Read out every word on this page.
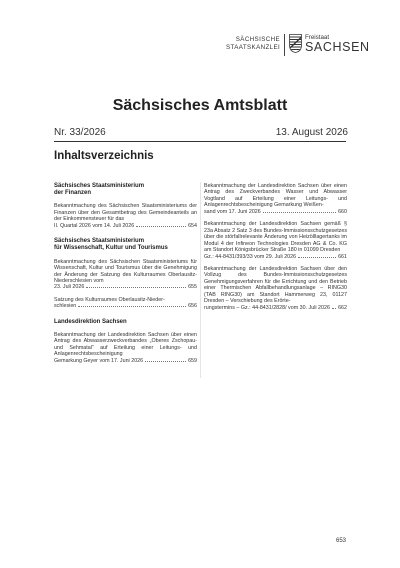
SÄCHSISCHE
STAATSKANZLEI
Freistaat
SACHSEN
Sächsisches Amtsblatt
Nr. 33/2026	13. August 2026
Inhaltsverzeichnis
Sächsisches Staatsministerium
der Finanzen
Bekanntmachung des Sächsischen Staatsministeriums der Finanzen über den Gesamtbetrag des Gemeindeanteils an der Einkommensteuer für das
II. Quartal 2026 vom 14. Juli 2026	654
Sächsisches Staatsministerium
für Wissenschaft, Kultur und Tourismus
Bekanntmachung des Sächsischen Staatsministeriums für Wissenschaft, Kultur und Tourismus über die Genehmigung der Änderung der Satzung des Kulturraumes Oberlausitz-Niederschlesien vom
23. Juli 2026	655
Satzung des Kulturraumes Oberlausitz-Nieder-
schlesien	656
Landesdirektion Sachsen
Bekanntmachung der Landesdirektion Sachsen über einen Antrag des Abwasserzweckverbandes „Oberes Zschopau- und Sehmatal“ auf Erteilung einer Leitungs- und Anlagenrechtsbescheinigung
Gemarkung Geyer vom 17. Juni 2026	659
Bekanntmachung der Landesdirektion Sachsen über einen Antrag des Zweckverbandes Wasser und Abwasser Vogtland auf Erteilung einer Leitungs- und Anlagenrechtsbescheinigung Gemarkung Weißen-
sand vom 17. Juni 2026	660
Bekanntmachung der Landesdirektion Sachsen gemäß § 23a Absatz 2 Satz 3 des Bundes-Immissionsschutzgesetzes über die störfallrelevante Änderung von Heizölllagertanks im Modul 4 der Infineon Technologies Dresden AG & Co. KG am Standort Königsbrücker Straße 180 in 01099 Dresden
Gz.: 44-8431/393/33 vom 29. Juli 2026	661
Bekanntmachung der Landesdirektion Sachsen über den Vollzug des Bundes-Immissionsschutzgesetzes Genehmigungsverfahren für die Errichtung und den Betrieb einer Thermischen Abfallbehandlungsanlage – RING30 (TAB RING30) am Standort Hammerweg 23, 01127 Dresden – Verschiebung des Erörte-
rungstermins – Gz.: 44-8431/2828/ vom 30. Juli 2026 662
653
